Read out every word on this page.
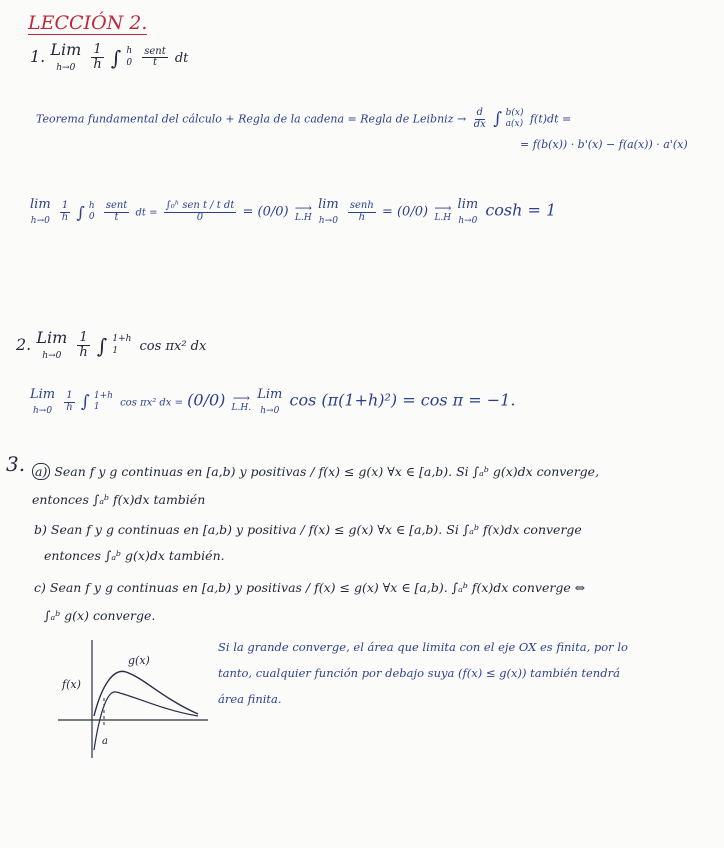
LECCIÓN 2.
1. Lim
h→0
$\frac{1}{h}$ ∫ h
0
$\frac{\text{sent}}{t}$ dt
Teorema fundamental del cálculo + Regla de la cadena = Regla de Leibniz → $\frac{d}{dx}$ ∫ b(x)
a(x) f(t)dt =
= f(b(x)) · b'(x) − f(a(x)) · a'(x)
lim
h→0
$\frac{1}{h}$ ∫ h
0
$\frac{\text{sent}}{t}$ dt = $\frac{\text{∫₀ʰ sen t / t dt}}{0} = (0/0)$ ⟶
L.H

lim
h→0
$\frac{\text{senh}}{h} = (0/0)$ ⟶
L.H

lim
h→0
cosh = 1
2. Lim
h→0
$\frac{1}{h}$ ∫ 1+h
1	cos πx² dx
Lim
h→0
$\frac{1}{h}$ ∫ 1+h
1	cos πx² dx = (0/0) ⟶
L.H.

Lim
h→0
cos (π(1+h)²) = cos π = −1.
3. a) Sean f y g continuas en [a,b) y positivas / f(x) ≤ g(x) ∀x ∈ [a,b). Si ∫ₐᵇ g(x)dx converge,
entonces ∫ₐᵇ f(x)dx también
b) Sean f y g continuas en [a,b) y positiva / f(x) ≤ g(x) ∀x ∈ [a,b). Si ∫ₐᵇ f(x)dx converge
entonces ∫ₐᵇ g(x)dx también.
c) Sean f y g continuas en [a,b) y positivas / f(x) ≤ g(x) ∀x ∈ [a,b). ∫ₐᵇ f(x)dx converge ⇔
∫ₐᵇ g(x) converge.
Si la grande converge, el área que limita con el eje OX es finita, por lo
tanto, cualquier función por debajo suya (f(x) ≤ g(x)) también tendrá
área finita.
f(x)
g(x)
a
